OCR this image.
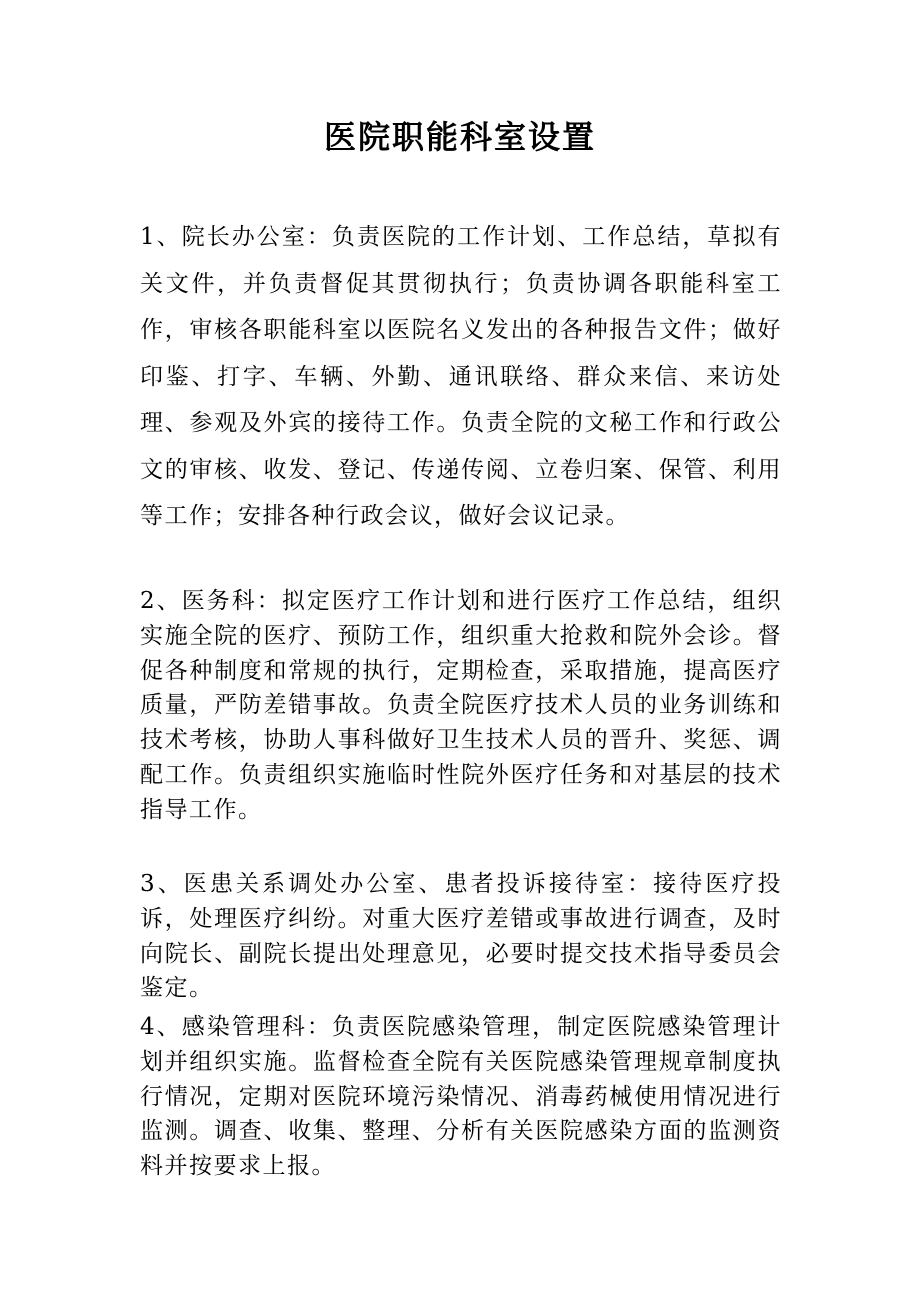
医院职能科室设置

1、院长办公室：负责医院的工作计划、工作总结，草拟有关文件，并负责督促其贯彻执行；负责协调各职能科室工作，审核各职能科室以医院名义发出的各种报告文件；做好印鉴、打字、车辆、外勤、通讯联络、群众来信、来访处理、参观及外宾的接待工作。负责全院的文秘工作和行政公文的审核、收发、登记、传递传阅、立卷归案、保管、利用等工作；安排各种行政会议，做好会议记录。

2、医务科：拟定医疗工作计划和进行医疗工作总结，组织实施全院的医疗、预防工作，组织重大抢救和院外会诊。督促各种制度和常规的执行，定期检查，采取措施，提高医疗质量，严防差错事故。负责全院医疗技术人员的业务训练和技术考核，协助人事科做好卫生技术人员的晋升、奖惩、调配工作。负责组织实施临时性院外医疗任务和对基层的技术指导工作。

3、医患关系调处办公室、患者投诉接待室：接待医疗投诉，处理医疗纠纷。对重大医疗差错或事故进行调查，及时向院长、副院长提出处理意见，必要时提交技术指导委员会鉴定。

4、感染管理科：负责医院感染管理，制定医院感染管理计划并组织实施。监督检查全院有关医院感染管理规章制度执行情况，定期对医院环境污染情况、消毒药械使用情况进行监测。调查、收集、整理、分析有关医院感染方面的监测资料并按要求上报。
